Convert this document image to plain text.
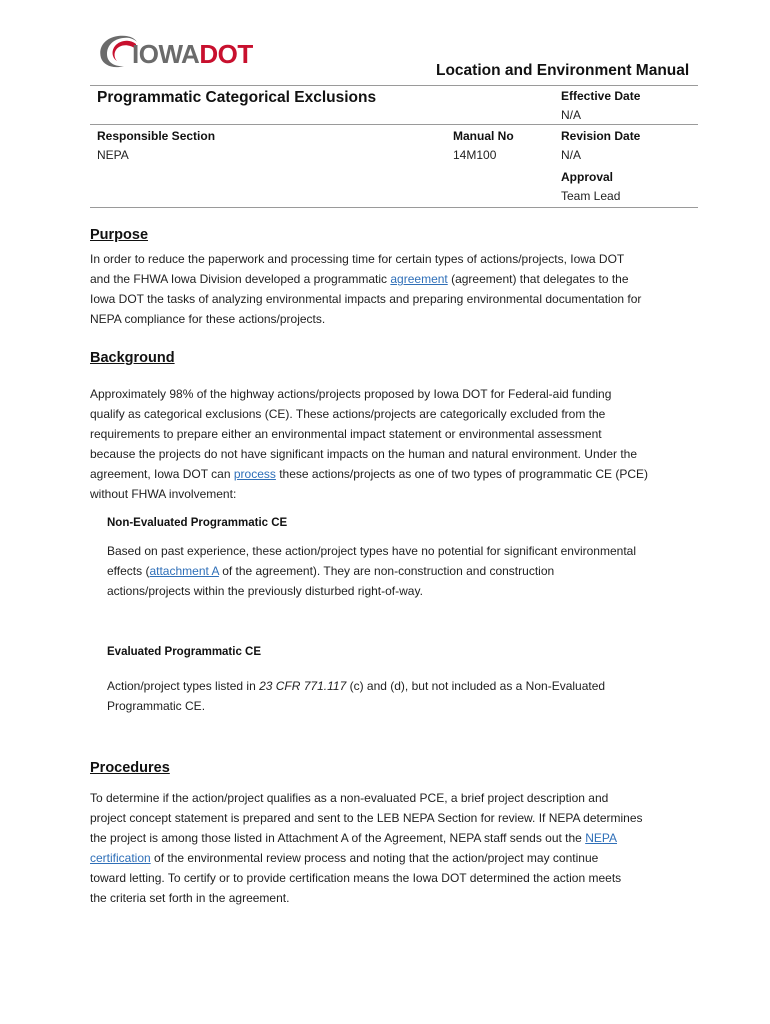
IOWADOT
Location and Environment Manual
Programmatic Categorical Exclusions	Effective Date
N/A
Responsible Section
NEPA
Manual No
14M100
Revision Date
N/A
Approval
Team Lead
Purpose
In order to reduce the paperwork and processing time for certain types of actions/projects, Iowa DOT
and the FHWA Iowa Division developed a programmatic agreement (agreement) that delegates to the
Iowa DOT the tasks of analyzing environmental impacts and preparing environmental documentation for
NEPA compliance for these actions/projects.
Background
Approximately 98% of the highway actions/projects proposed by Iowa DOT for Federal-aid funding
qualify as categorical exclusions (CE). These actions/projects are categorically excluded from the
requirements to prepare either an environmental impact statement or environmental assessment
because the projects do not have significant impacts on the human and natural environment. Under the
agreement, Iowa DOT can process these actions/projects as one of two types of programmatic CE (PCE)
without FHWA involvement:
Non-Evaluated Programmatic CE
Based on past experience, these action/project types have no potential for significant environmental
effects (attachment A of the agreement). They are non-construction and construction
actions/projects within the previously disturbed right-of-way.
Evaluated Programmatic CE
Action/project types listed in 23 CFR 771.117 (c) and (d), but not included as a Non-Evaluated
Programmatic CE.
Procedures
To determine if the action/project qualifies as a non-evaluated PCE, a brief project description and
project concept statement is prepared and sent to the LEB NEPA Section for review. If NEPA determines
the project is among those listed in Attachment A of the Agreement, NEPA staff sends out the NEPA
certification of the environmental review process and noting that the action/project may continue
toward letting. To certify or to provide certification means the Iowa DOT determined the action meets
the criteria set forth in the agreement.
